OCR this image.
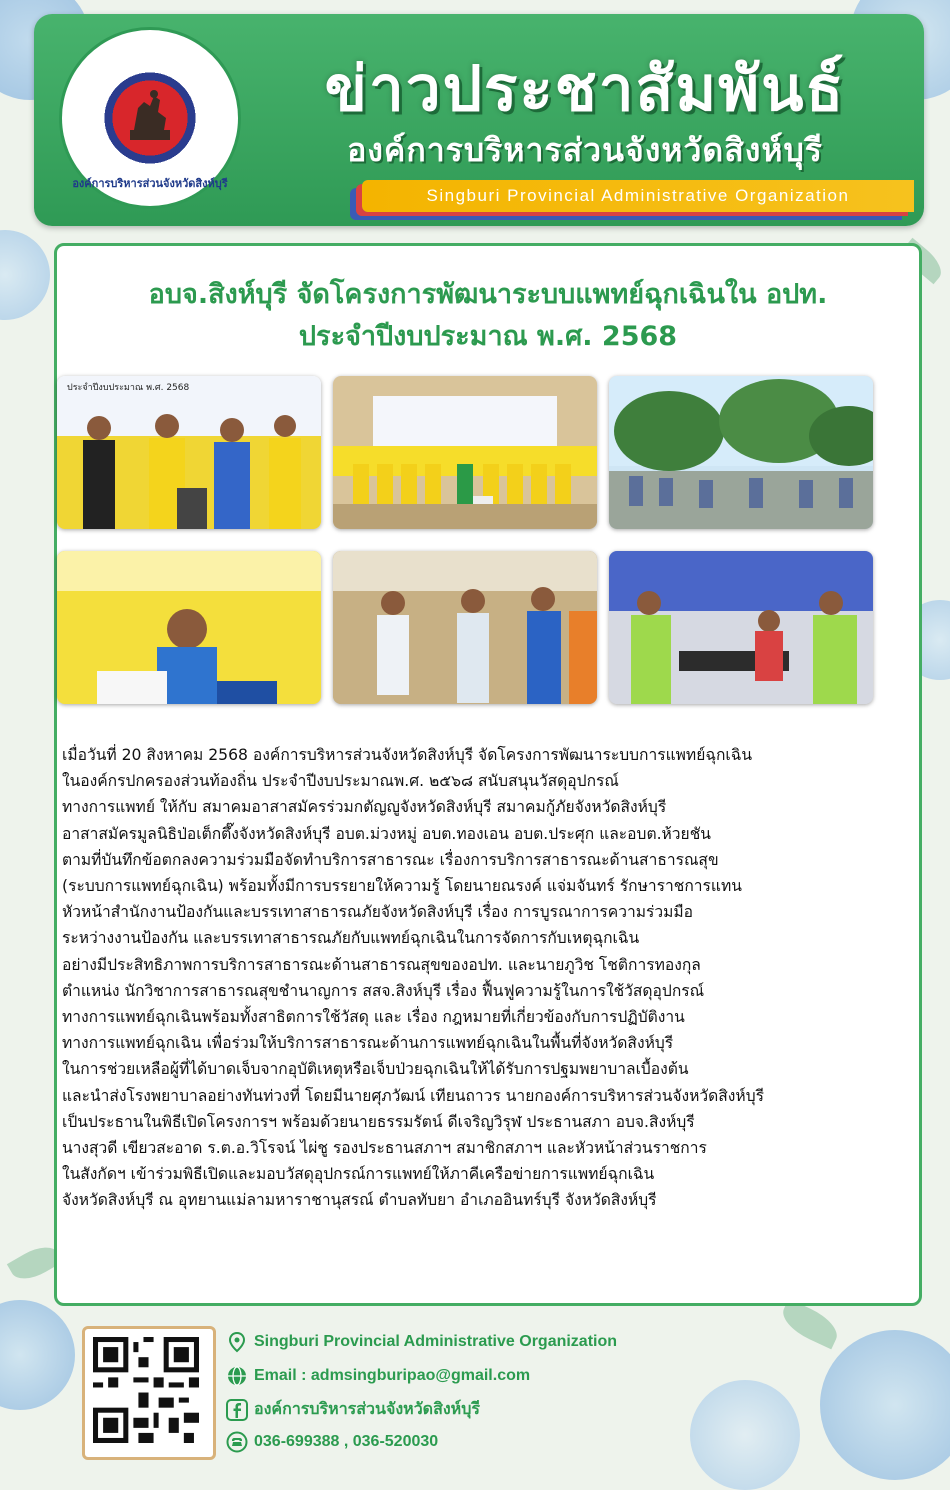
องค์การบริหารส่วนจังหวัดสิงห์บุรี
ข่าวประชาสัมพันธ์
องค์การบริหารส่วนจังหวัดสิงห์บุรี
Singburi Provincial Administrative Organization
อบจ.สิงห์บุรี จัดโครงการพัฒนาระบบแพทย์ฉุกเฉินใน อปท.
ประจำปีงบประมาณ พ.ศ. 2568
ประจำปีงบประมาณ พ.ศ. 2568
เมื่อวันที่ 20 สิงหาคม 2568 องค์การบริหารส่วนจังหวัดสิงห์บุรี จัดโครงการพัฒนาระบบการแพทย์ฉุกเฉิน
ในองค์กรปกครองส่วนท้องถิ่น ประจำปีงบประมาณพ.ศ. ๒๕๖๘ สนับสนุนวัสดุอุปกรณ์
ทางการแพทย์ ให้กับ สมาคมอาสาสมัครร่วมกตัญญูจังหวัดสิงห์บุรี สมาคมกู้ภัยจังหวัดสิงห์บุรี
อาสาสมัครมูลนิธิป่อเต็กตึ๊งจังหวัดสิงห์บุรี อบต.ม่วงหมู่ อบต.ทองเอน อบต.ประศุก และอบต.ห้วยชัน
ตามที่บันทึกข้อตกลงความร่วมมือจัดทำบริการสาธารณะ เรื่องการบริการสาธารณะด้านสาธารณสุข
(ระบบการแพทย์ฉุกเฉิน) พร้อมทั้งมีการบรรยายให้ความรู้ โดยนายณรงค์ แจ่มจันทร์ รักษาราชการแทน
หัวหน้าสำนักงานป้องกันและบรรเทาสาธารณภัยจังหวัดสิงห์บุรี เรื่อง การบูรณาการความร่วมมือ
ระหว่างงานป้องกัน และบรรเทาสาธารณภัยกับแพทย์ฉุกเฉินในการจัดการกับเหตุฉุกเฉิน
อย่างมีประสิทธิภาพการบริการสาธารณะด้านสาธารณสุขของอปท. และนายภูวิช โชติการทองกุล
ตำแหน่ง นักวิชาการสาธารณสุขชำนาญการ สสจ.สิงห์บุรี เรื่อง ฟื้นฟูความรู้ในการใช้วัสดุอุปกรณ์
ทางการแพทย์ฉุกเฉินพร้อมทั้งสาธิตการใช้วัสดุ และ เรื่อง กฎหมายที่เกี่ยวข้องกับการปฏิบัติงาน
ทางการแพทย์ฉุกเฉิน เพื่อร่วมให้บริการสาธารณะด้านการแพทย์ฉุกเฉินในพื้นที่จังหวัดสิงห์บุรี
ในการช่วยเหลือผู้ที่ได้บาดเจ็บจากอุบัติเหตุหรือเจ็บป่วยฉุกเฉินให้ได้รับการปฐมพยาบาลเบื้องต้น
และนำส่งโรงพยาบาลอย่างทันท่วงที่ โดยมีนายศุภวัฒน์ เทียนถาวร นายกองค์การบริหารส่วนจังหวัดสิงห์บุรี
เป็นประธานในพิธีเปิดโครงการฯ พร้อมด้วยนายธรรมรัตน์ ดีเจริญวิรุฬ ประธานสภา อบจ.สิงห์บุรี
นางสุวดี เขียวสะอาด ร.ต.อ.วิโรจน์ ไผ่ชู รองประธานสภาฯ สมาชิกสภาฯ และหัวหน้าส่วนราชการ
ในสังกัดฯ เข้าร่วมพิธีเปิดและมอบวัสดุอุปกรณ์การแพทย์ให้ภาคีเครือข่ายการแพทย์ฉุกเฉิน
จังหวัดสิงห์บุรี ณ อุทยานแม่ลามหาราชานุสรณ์ ตำบลทับยา อำเภออินทร์บุรี จังหวัดสิงห์บุรี
Singburi Provincial Administrative Organization
Email : admsingburipao@gmail.com
องค์การบริหารส่วนจังหวัดสิงห์บุรี
036-699388 , 036-520030
